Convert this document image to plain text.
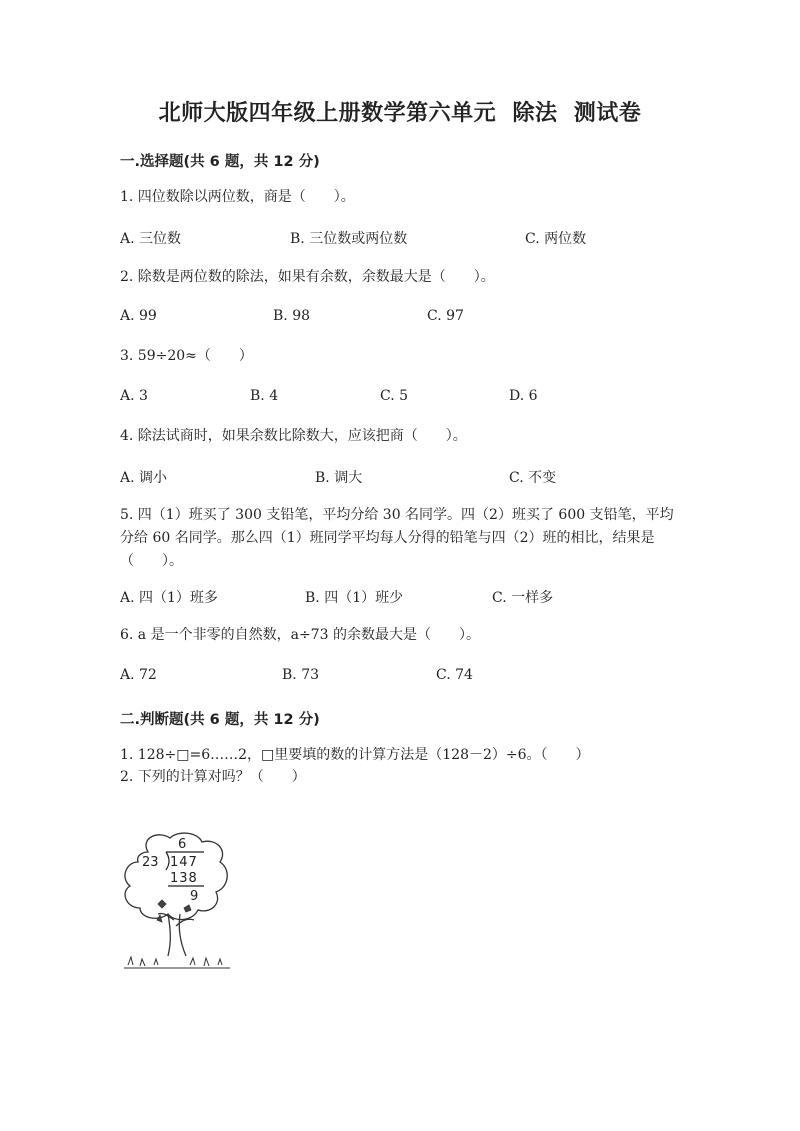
北师大版四年级上册数学第六单元  除法  测试卷
一.选择题(共 6 题，共 12 分)
1. 四位数除以两位数，商是（　　）。
A. 三位数	B. 三位数或两位数	C. 两位数
2. 除数是两位数的除法，如果有余数，余数最大是（　　）。
A. 99	B. 98	C. 97
3. 59÷20≈（　　）
A. 3	B. 4	C. 5	D. 6
4. 除法试商时，如果余数比除数大，应该把商（　　）。
A. 调小	B. 调大	C. 不变
5. 四（1）班买了 300 支铅笔，平均分给 30 名同学。四（2）班买了 600 支铅笔，平均分给 60 名同学。那么四（1）班同学平均每人分得的铅笔与四（2）班的相比，结果是（　　）。
A. 四（1）班多	B. 四（1）班少	C. 一样多
6. a 是一个非零的自然数，a÷73 的余数最大是（　　）。
A. 72	B. 73	C. 74
二.判断题(共 6 题，共 12 分)
1. 128÷□=6……2，□里要填的数的计算方法是（128－2）÷6。（　　）
2. 下列的计算对吗？（　　）
6
23 147
138
9
